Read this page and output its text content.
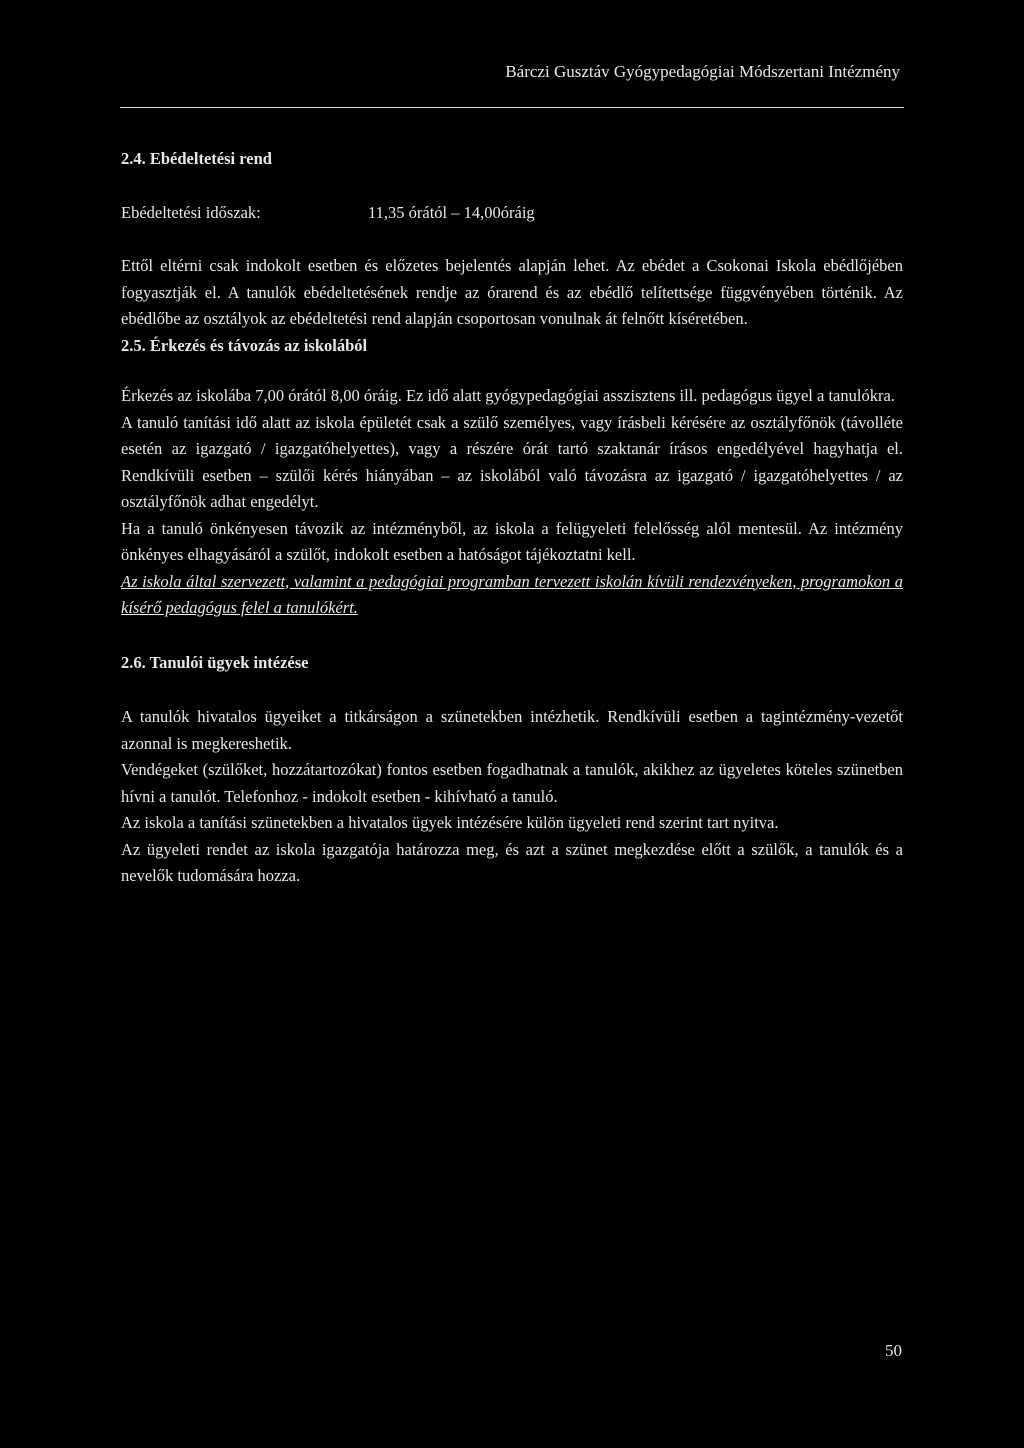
Bárczi Gusztáv Gyógypedagógiai Módszertani Intézmény

2.4. Ebédeltetési rend

Ebédeltetési időszak:	11,35 órától – 14,00óráig

Ettől eltérni csak indokolt esetben és előzetes bejelentés alapján lehet. Az ebédet a Csokonai Iskola ebédlőjében fogyasztják el. A tanulók ebédeltetésének rendje az órarend és az ebédlő telítettsége függvényében történik. Az ebédlőbe az osztályok az ebédeltetési rend alapján csoportosan vonulnak át felnőtt kíséretében.

2.5. Érkezés és távozás az iskolából

Érkezés az iskolába 7,00 órától 8,00 óráig. Ez idő alatt gyógypedagógiai asszisztens ill. pedagógus ügyel a tanulókra.

A tanuló tanítási idő alatt az iskola épületét csak a szülő személyes, vagy írásbeli kérésére az osztályfőnök (távolléte esetén az igazgató / igazgatóhelyettes), vagy a részére órát tartó szaktanár írásos engedélyével hagyhatja el. Rendkívüli esetben – szülői kérés hiányában – az iskolából való távozásra az igazgató / igazgatóhelyettes / az osztályfőnök adhat engedélyt.

Ha a tanuló önkényesen távozik az intézményből, az iskola a felügyeleti felelősség alól mentesül. Az intézmény önkényes elhagyásáról a szülőt, indokolt esetben a hatóságot tájékoztatni kell.

Az iskola által szervezett, valamint a pedagógiai programban tervezett iskolán kívüli rendezvényeken, programokon a kísérő pedagógus felel a tanulókért.

2.6. Tanulói ügyek intézése

A tanulók hivatalos ügyeiket a titkárságon a szünetekben intézhetik. Rendkívüli esetben a tagintézmény-vezetőt azonnal is megkereshetik.

Vendégeket (szülőket, hozzátartozókat) fontos esetben fogadhatnak a tanulók, akikhez az ügyeletes köteles szünetben hívni a tanulót. Telefonhoz - indokolt esetben - kihívható a tanuló.

Az iskola a tanítási szünetekben a hivatalos ügyek intézésére külön ügyeleti rend szerint tart nyitva.

Az ügyeleti rendet az iskola igazgatója határozza meg, és azt a szünet megkezdése előtt a szülők, a tanulók és a nevelők tudomására hozza.

50
